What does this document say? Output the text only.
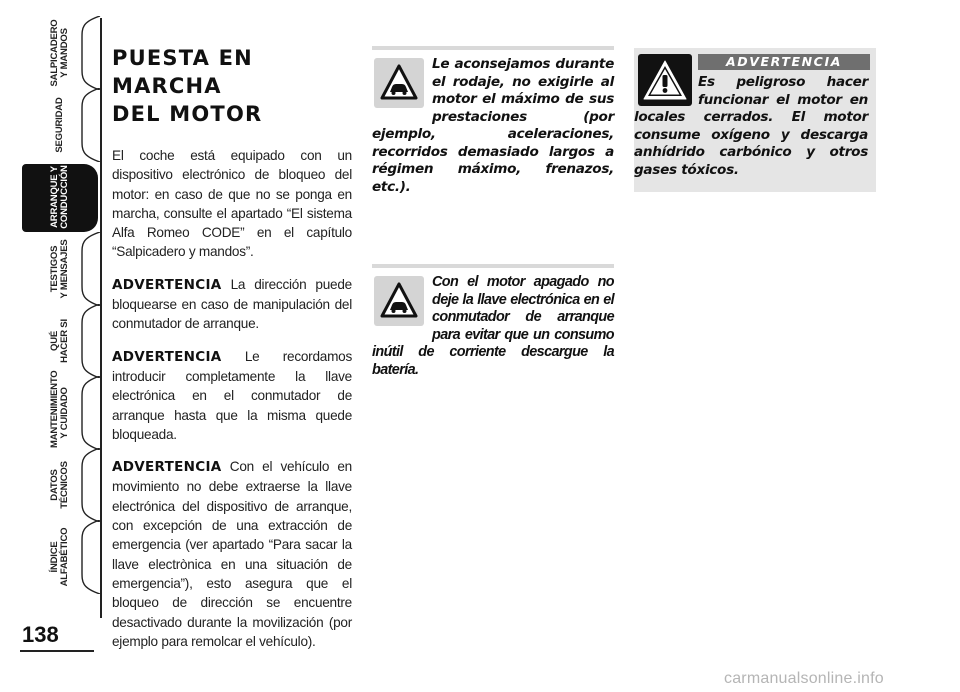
SALPICADERO
Y MANDOS
SEGURIDAD
ARRANQUE Y
CONDUCCIÓN
TESTIGOS
Y MENSAJES
QUÉ
HACER SI
MANTENIMIENTO
Y CUIDADO
DATOS
TÉCNICOS
ÍNDICE
ALFABÉTICO
138
PUESTA EN MARCHA
DEL MOTOR

El coche está equipado con un dispositivo electrónico de bloqueo del motor: en caso de que no se ponga en marcha, consulte el apartado “El sistema Alfa Romeo CODE” en el capítulo “Salpicadero y mandos”.

ADVERTENCIA La dirección puede bloquearse en caso de manipulación del conmutador de arranque.

ADVERTENCIA Le recordamos introducir completamente la llave electrónica en el conmutador de arranque hasta que la misma quede bloqueada.

ADVERTENCIA Con el vehículo en movimiento no debe extraerse la llave electrónica del dispositivo de arranque, con excepción de una extracción de emergencia (ver apartado “Para sacar la llave electrònica en una situación de emergencia”), esto asegura que el bloqueo de dirección se encuentre desactivado durante la movilización (por ejemplo para remolcar el vehículo).

Le aconsejamos durante el rodaje, no exigirle al motor el máximo de sus prestaciones (por ejemplo, aceleraciones, recorridos demasiado largos a régimen máximo, frenazos, etc.).

Con el motor apagado no deje la llave electrónica en el conmutador de arranque para evitar que un consumo inútil de corriente descargue la batería.

ADVERTENCIA

Es peligroso hacer funcionar el motor en locales cerrados. El motor consume oxígeno y descarga anhídrido carbónico y otros gases tóxicos.

carmanualsonline.info
